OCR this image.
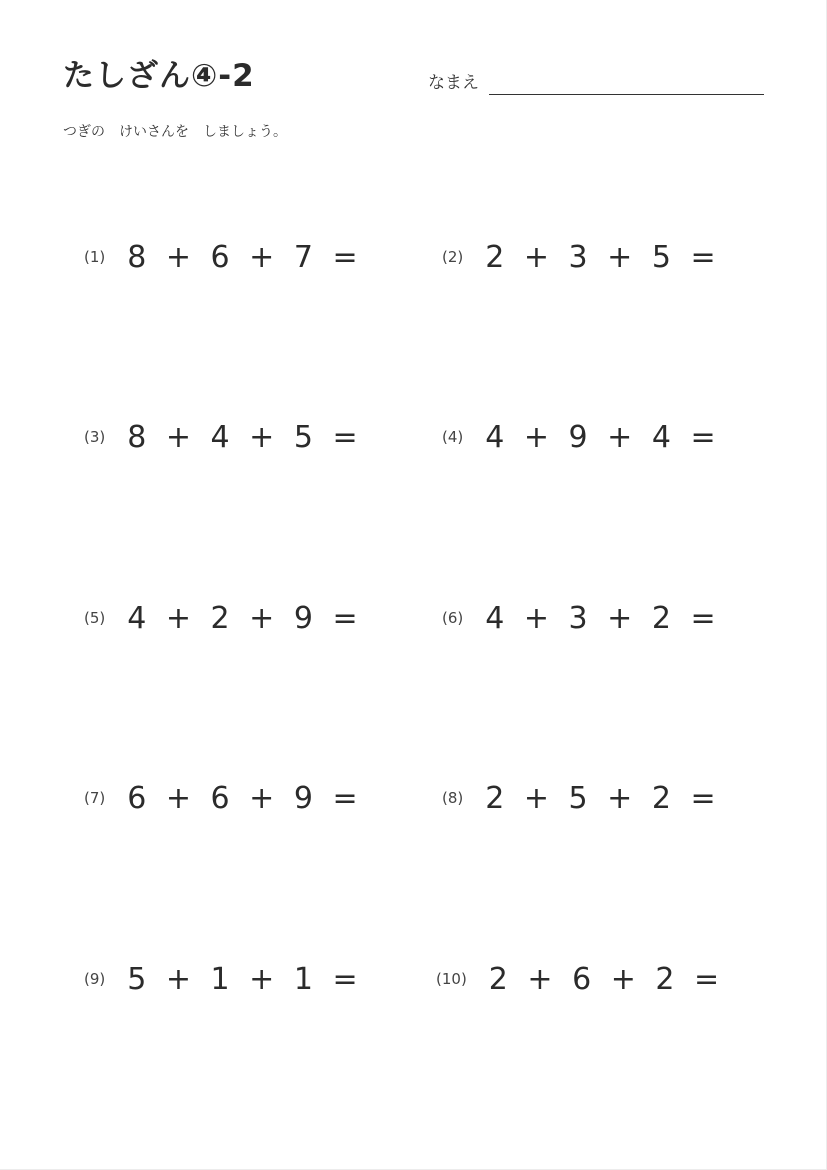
たしざん④-2	なまえ
つぎの　けいさんを　しましょう。
(1) 8 + 6 + 7 =	(2) 2 + 3 + 5 =
(3) 8 + 4 + 5 =	(4) 4 + 9 + 4 =
(5) 4 + 2 + 9 =	(6) 4 + 3 + 2 =
(7) 6 + 6 + 9 =	(8) 2 + 5 + 2 =
(9) 5 + 1 + 1 =	(10) 2 + 6 + 2 =
